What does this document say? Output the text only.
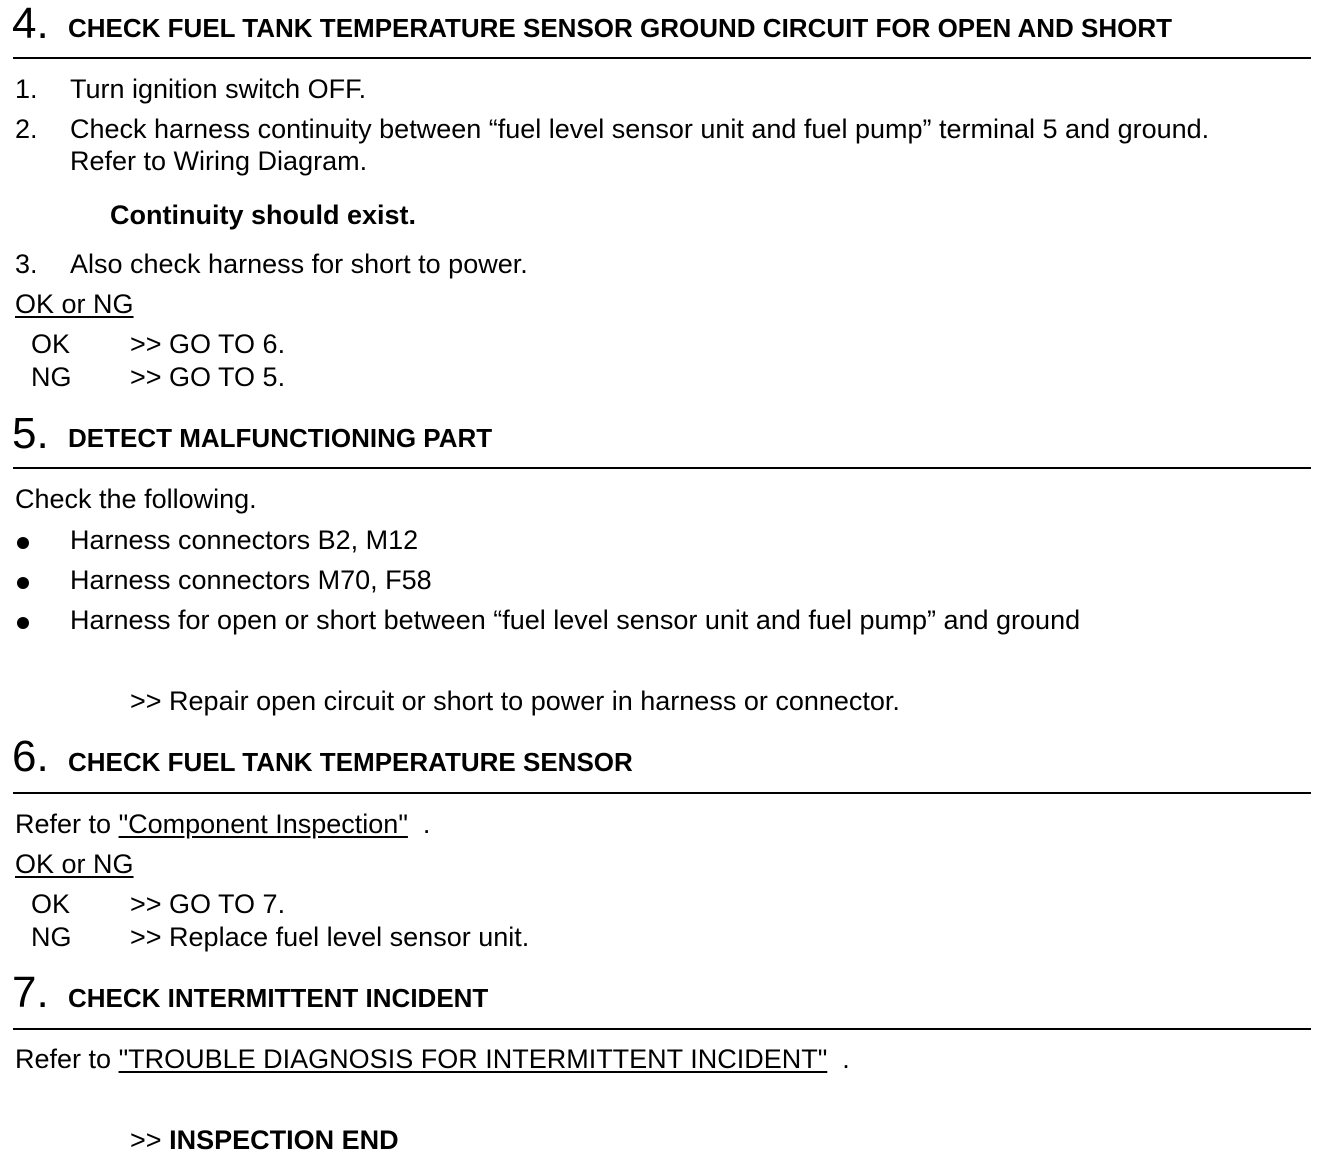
4. CHECK FUEL TANK TEMPERATURE SENSOR GROUND CIRCUIT FOR OPEN AND SHORT
1. Turn ignition switch OFF.
2. Check harness continuity between “fuel level sensor unit and fuel pump” terminal 5 and ground.
Refer to Wiring Diagram.
Continuity should exist.
3. Also check harness for short to power.
OK or NG
OK >> GO TO 6.
NG >> GO TO 5.
5. DETECT MALFUNCTIONING PART
Check the following.
Harness connectors B2, M12
Harness connectors M70, F58
Harness for open or short between “fuel level sensor unit and fuel pump” and ground
>> Repair open circuit or short to power in harness or connector.
6. CHECK FUEL TANK TEMPERATURE SENSOR
Refer to "Component Inspection" .
OK or NG
OK >> GO TO 7.
NG >> Replace fuel level sensor unit.
7. CHECK INTERMITTENT INCIDENT
Refer to "TROUBLE DIAGNOSIS FOR INTERMITTENT INCIDENT" .
>> INSPECTION END
